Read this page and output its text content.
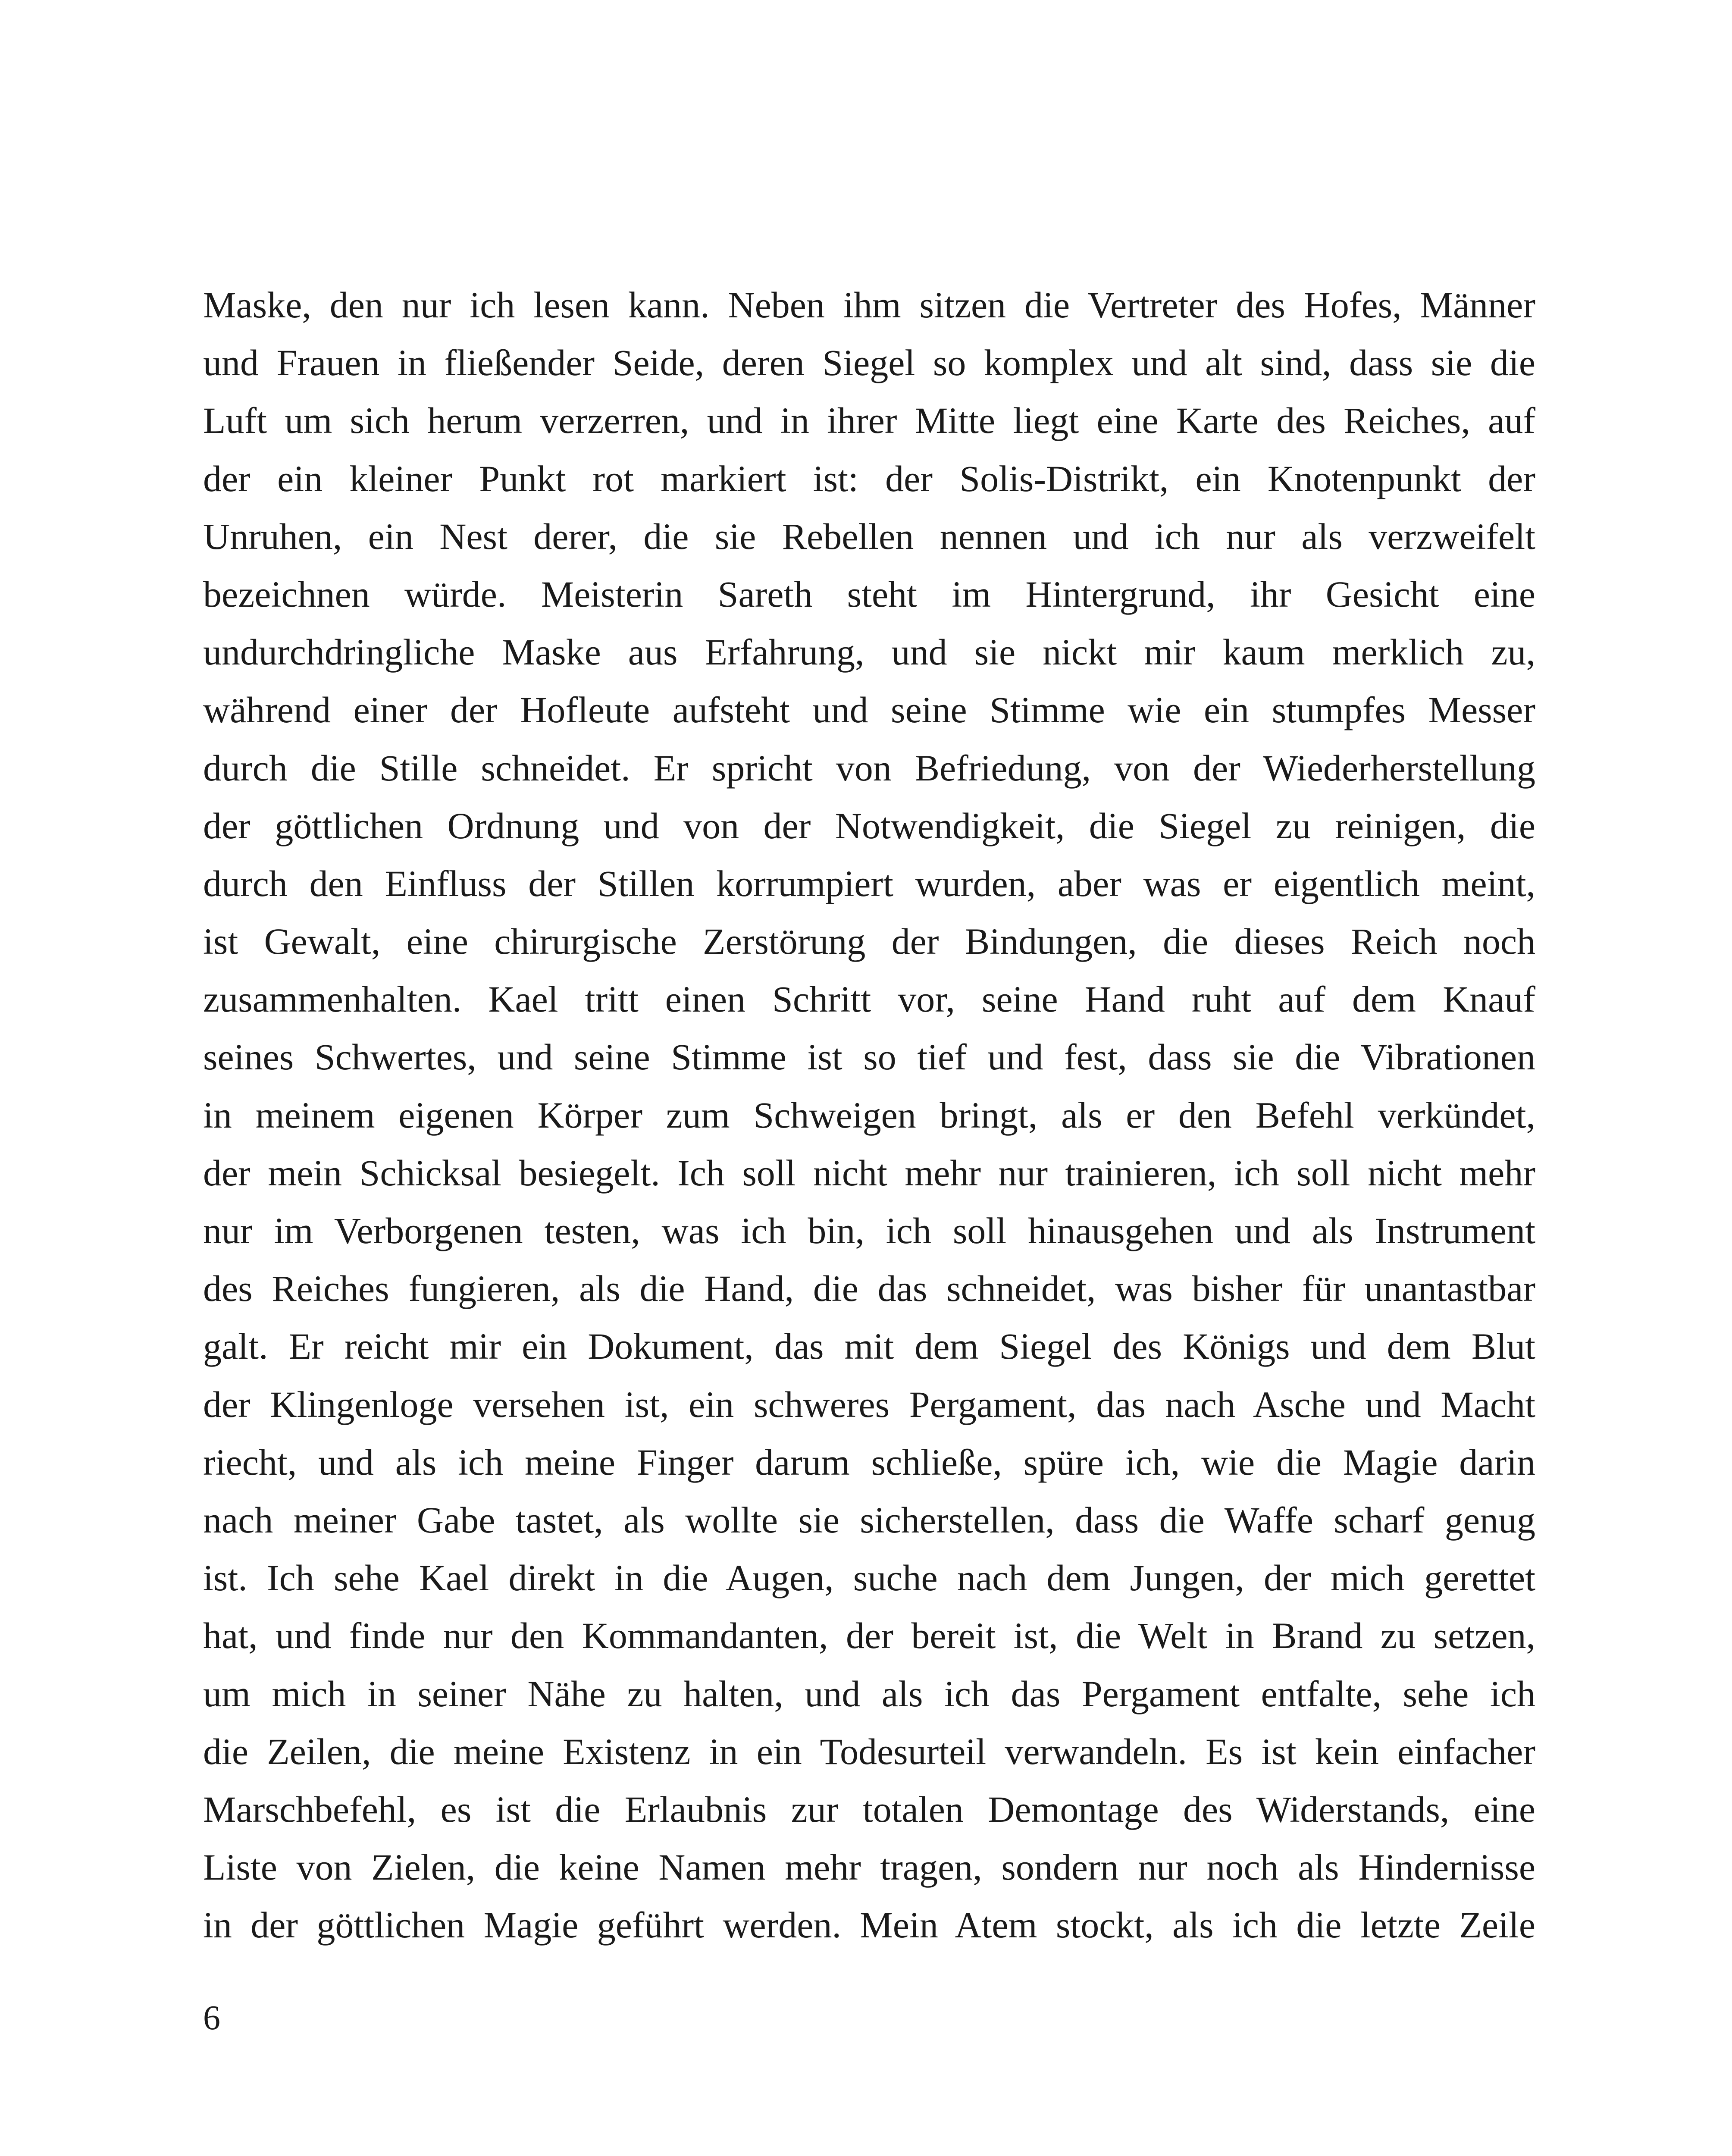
Maske, den nur ich lesen kann. Neben ihm sitzen die Vertreter des Hofes, Männer
und Frauen in fließender Seide, deren Siegel so komplex und alt sind, dass sie die
Luft um sich herum verzerren, und in ihrer Mitte liegt eine Karte des Reiches, auf
der ein kleiner Punkt rot markiert ist: der Solis-Distrikt, ein Knotenpunkt der
Unruhen, ein Nest derer, die sie Rebellen nennen und ich nur als verzweifelt
bezeichnen würde. Meisterin Sareth steht im Hintergrund, ihr Gesicht eine
undurchdringliche Maske aus Erfahrung, und sie nickt mir kaum merklich zu,
während einer der Hofleute aufsteht und seine Stimme wie ein stumpfes Messer
durch die Stille schneidet. Er spricht von Befriedung, von der Wiederherstellung
der göttlichen Ordnung und von der Notwendigkeit, die Siegel zu reinigen, die
durch den Einfluss der Stillen korrumpiert wurden, aber was er eigentlich meint,
ist Gewalt, eine chirurgische Zerstörung der Bindungen, die dieses Reich noch
zusammenhalten. Kael tritt einen Schritt vor, seine Hand ruht auf dem Knauf
seines Schwertes, und seine Stimme ist so tief und fest, dass sie die Vibrationen
in meinem eigenen Körper zum Schweigen bringt, als er den Befehl verkündet,
der mein Schicksal besiegelt. Ich soll nicht mehr nur trainieren, ich soll nicht mehr
nur im Verborgenen testen, was ich bin, ich soll hinausgehen und als Instrument
des Reiches fungieren, als die Hand, die das schneidet, was bisher für unantastbar
galt. Er reicht mir ein Dokument, das mit dem Siegel des Königs und dem Blut
der Klingenloge versehen ist, ein schweres Pergament, das nach Asche und Macht
riecht, und als ich meine Finger darum schließe, spüre ich, wie die Magie darin
nach meiner Gabe tastet, als wollte sie sicherstellen, dass die Waffe scharf genug
ist. Ich sehe Kael direkt in die Augen, suche nach dem Jungen, der mich gerettet
hat, und finde nur den Kommandanten, der bereit ist, die Welt in Brand zu setzen,
um mich in seiner Nähe zu halten, und als ich das Pergament entfalte, sehe ich
die Zeilen, die meine Existenz in ein Todesurteil verwandeln. Es ist kein einfacher
Marschbefehl, es ist die Erlaubnis zur totalen Demontage des Widerstands, eine
Liste von Zielen, die keine Namen mehr tragen, sondern nur noch als Hindernisse
in der göttlichen Magie geführt werden. Mein Atem stockt, als ich die letzte Zeile

6
